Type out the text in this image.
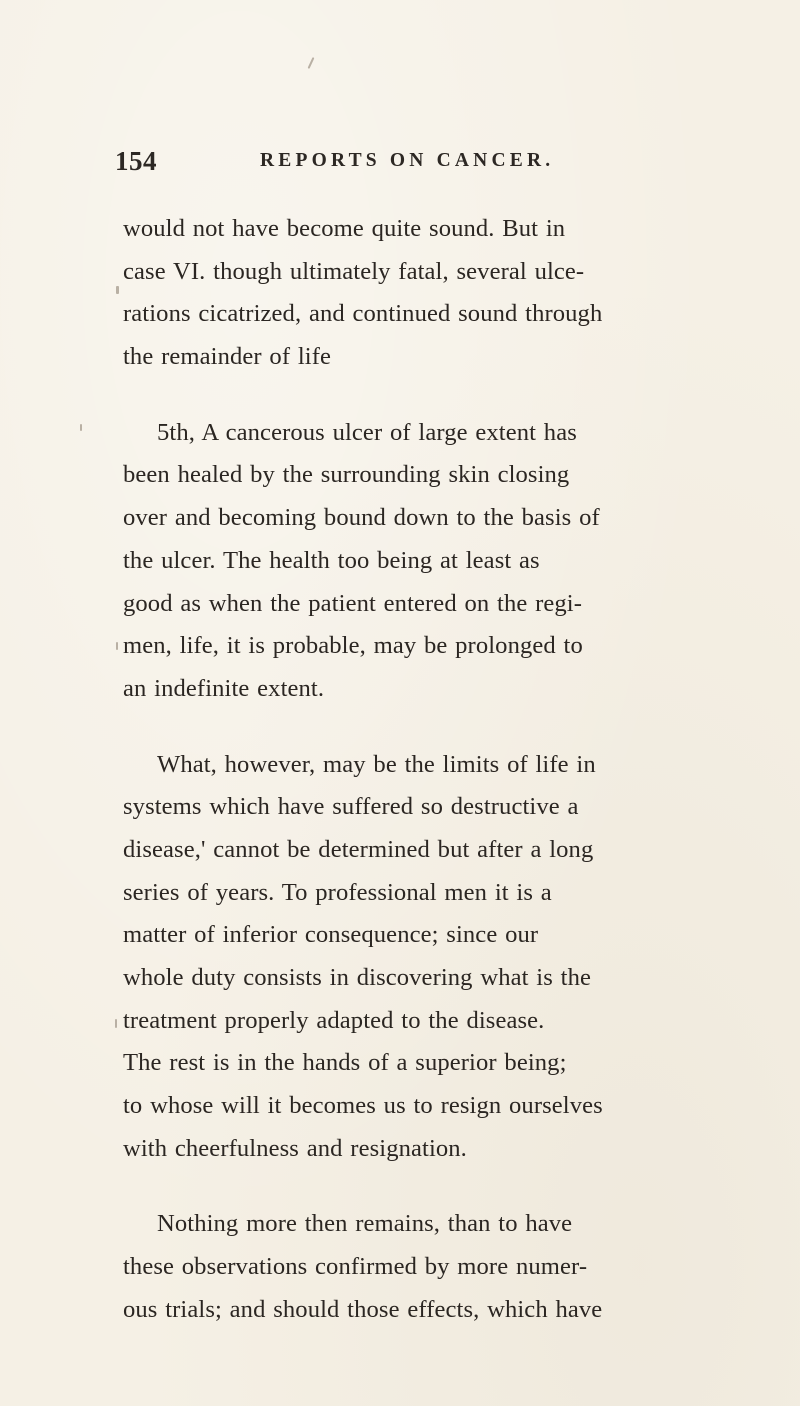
154	REPORTS ON CANCER.
would not have become quite sound. But in
case VI. though ultimately fatal, several ulce-
rations cicatrized, and continued sound through
the remainder of life
5th, A cancerous ulcer of large extent has
been healed by the surrounding skin closing
over and becoming bound down to the basis of
the ulcer. The health too being at least as
good as when the patient entered on the regi-
men, life, it is probable, may be prolonged to
an indefinite extent.
What, however, may be the limits of life in
systems which have suffered so destructive a
disease,' cannot be determined but after a long
series of years. To professional men it is a
matter of inferior consequence; since our
whole duty consists in discovering what is the
treatment properly adapted to the disease.
The rest is in the hands of a superior being;
to whose will it becomes us to resign ourselves
with cheerfulness and resignation.
Nothing more then remains, than to have
these observations confirmed by more numer-
ous trials; and should those effects, which have
